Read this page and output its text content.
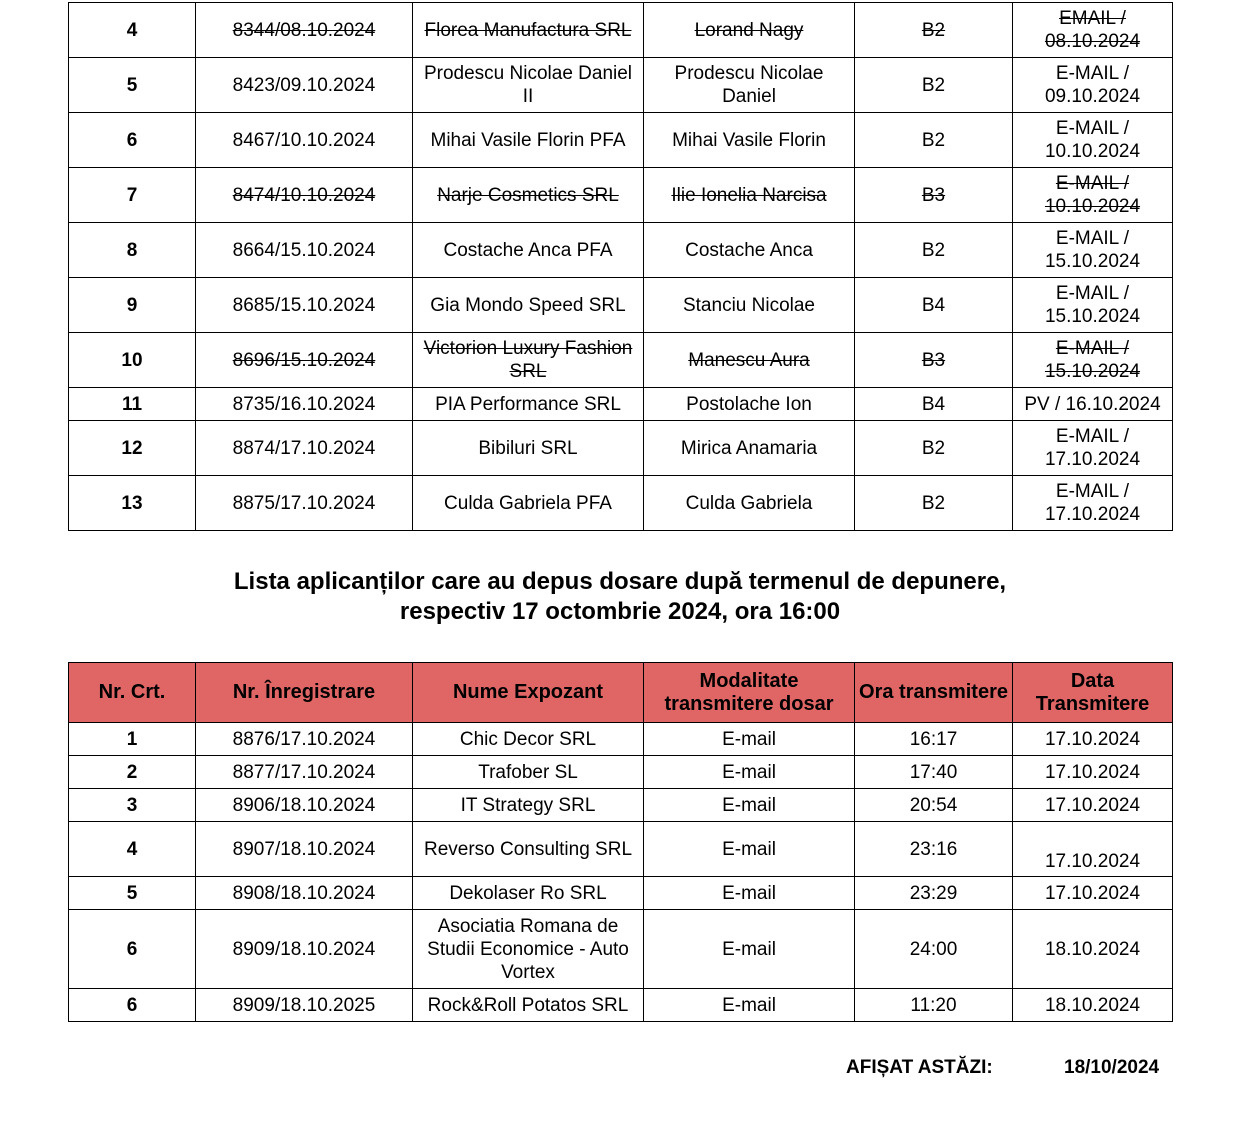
4	8344/08.10.2024	Florea Manufactura SRL	Lorand Nagy	B2	EMAIL / 08.10.2024
5	8423/09.10.2024	Prodescu Nicolae Daniel II	Prodescu Nicolae Daniel	B2	E-MAIL / 09.10.2024
6	8467/10.10.2024	Mihai Vasile Florin PFA	Mihai Vasile Florin	B2	E-MAIL / 10.10.2024
7	8474/10.10.2024	Narje Cosmetics SRL	Ilie Ionelia Narcisa	B3	E-MAIL / 10.10.2024
8	8664/15.10.2024	Costache Anca PFA	Costache Anca	B2	E-MAIL / 15.10.2024
9	8685/15.10.2024	Gia Mondo Speed SRL	Stanciu Nicolae	B4	E-MAIL / 15.10.2024
10	8696/15.10.2024	Victorion Luxury Fashion SRL	Manescu Aura	B3	E-MAIL / 15.10.2024
11	8735/16.10.2024	PIA Performance SRL	Postolache Ion	B4	PV / 16.10.2024
12	8874/17.10.2024	Bibiluri SRL	Mirica Anamaria	B2	E-MAIL / 17.10.2024
13	8875/17.10.2024	Culda Gabriela PFA	Culda Gabriela	B2	E-MAIL / 17.10.2024
Lista aplicanților care au depus dosare după termenul de depunere,
respectiv 17 octombrie 2024, ora 16:00
Nr. Crt.	Nr. Înregistrare	Nume Expozant	Modalitate transmitere dosar	Ora transmitere	Data Transmitere
1	8876/17.10.2024	Chic Decor SRL	E-mail	16:17	17.10.2024
2	8877/17.10.2024	Trafober SL	E-mail	17:40	17.10.2024
3	8906/18.10.2024	IT Strategy SRL	E-mail	20:54	17.10.2024
4	8907/18.10.2024	Reverso Consulting SRL	E-mail	23:16	17.10.2024
5	8908/18.10.2024	Dekolaser Ro SRL	E-mail	23:29	17.10.2024
6	8909/18.10.2024	Asociatia Romana de Studii Economice - Auto Vortex	E-mail	24:00	18.10.2024
6	8909/18.10.2025	Rock&Roll Potatos SRL	E-mail	11:20	18.10.2024
AFIȘAT ASTĂZI:	18/10/2024
